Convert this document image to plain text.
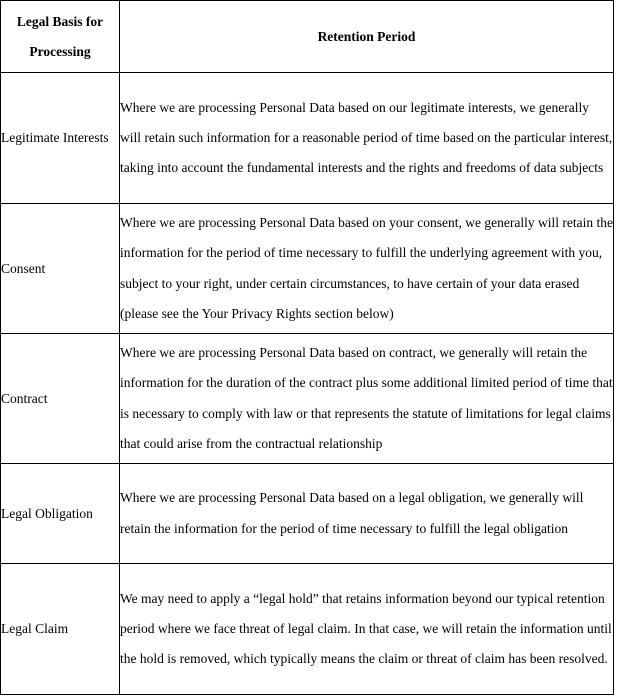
Legal Basis for Processing	Retention Period

Legitimate Interests	Where we are processing Personal Data based on our legitimate interests, we generally will retain such information for a reasonable period of time based on the particular interest, taking into account the fundamental interests and the rights and freedoms of data subjects

Consent	Where we are processing Personal Data based on your consent, we generally will retain the information for the period of time necessary to fulfill the underlying agreement with you, subject to your right, under certain circumstances, to have certain of your data erased (please see the Your Privacy Rights section below)

Contract	Where we are processing Personal Data based on contract, we generally will retain the information for the duration of the contract plus some additional limited period of time that is necessary to comply with law or that represents the statute of limitations for legal claims that could arise from the contractual relationship

Legal Obligation	Where we are processing Personal Data based on a legal obligation, we generally will retain the information for the period of time necessary to fulfill the legal obligation

Legal Claim	We may need to apply a “legal hold” that retains information beyond our typical retention period where we face threat of legal claim. In that case, we will retain the information until the hold is removed, which typically means the claim or threat of claim has been resolved.
